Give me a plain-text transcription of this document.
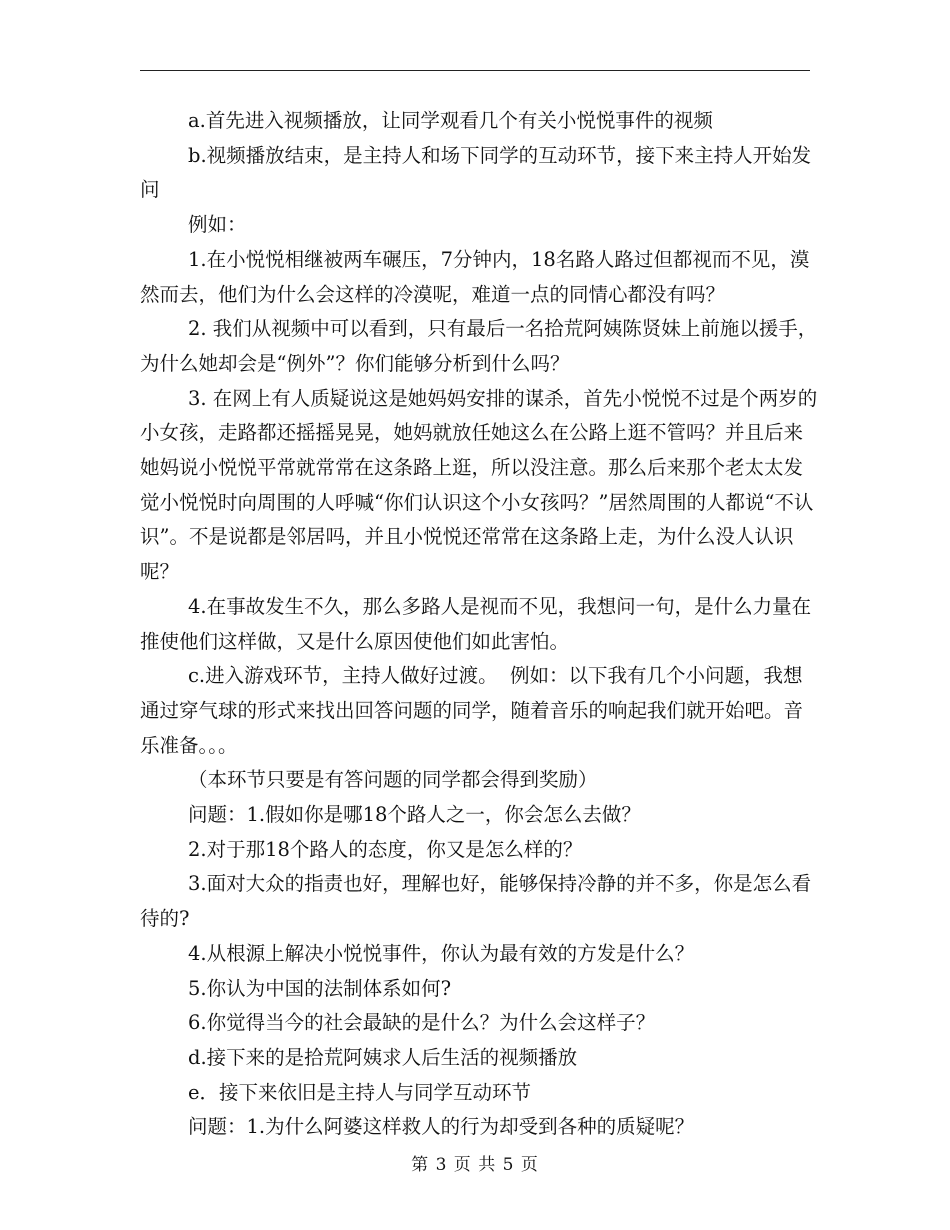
a.首先进入视频播放，让同学观看几个有关小悦悦事件的视频

b.视频播放结束，是主持人和场下同学的互动环节，接下来主持人开始发问

例如：

1.在小悦悦相继被两车碾压，7分钟内，18名路人路过但都视而不见，漠然而去，他们为什么会这样的冷漠呢，难道一点的同情心都没有吗？

2. 我们从视频中可以看到，只有最后一名拾荒阿姨陈贤妹上前施以援手，为什么她却会是“例外”？你们能够分析到什么吗？

3. 在网上有人质疑说这是她妈妈安排的谋杀，首先小悦悦不过是个两岁的小女孩，走路都还摇摇晃晃，她妈就放任她这么在公路上逛不管吗？并且后来她妈说小悦悦平常就常常在这条路上逛，所以没注意。那么后来那个老太太发觉小悦悦时向周围的人呼喊“你们认识这个小女孩吗？”居然周围的人都说“不认识”。不是说都是邻居吗，并且小悦悦还常常在这条路上走，为什么没人认识呢？

4.在事故发生不久，那么多路人是视而不见，我想问一句，是什么力量在推使他们这样做，又是什么原因使他们如此害怕。

c.进入游戏环节，主持人做好过渡。  例如：以下我有几个小问题，我想通过穿气球的形式来找出回答问题的同学，随着音乐的响起我们就开始吧。音乐准备。。。

（本环节只要是有答问题的同学都会得到奖励）

问题：1.假如你是哪18个路人之一，你会怎么去做？

2.对于那18个路人的态度，你又是怎么样的？

3.面对大众的指责也好，理解也好，能够保持冷静的并不多，你是怎么看待的?

4.从根源上解决小悦悦事件，你认为最有效的方发是什么？

5.你认为中国的法制体系如何?

6.你觉得当今的社会最缺的是什么？为什么会这样子？

d.接下来的是拾荒阿姨求人后生活的视频播放

e．接下来依旧是主持人与同学互动环节

问题：1.为什么阿婆这样救人的行为却受到各种的质疑呢？

第 3 页 共 5 页
